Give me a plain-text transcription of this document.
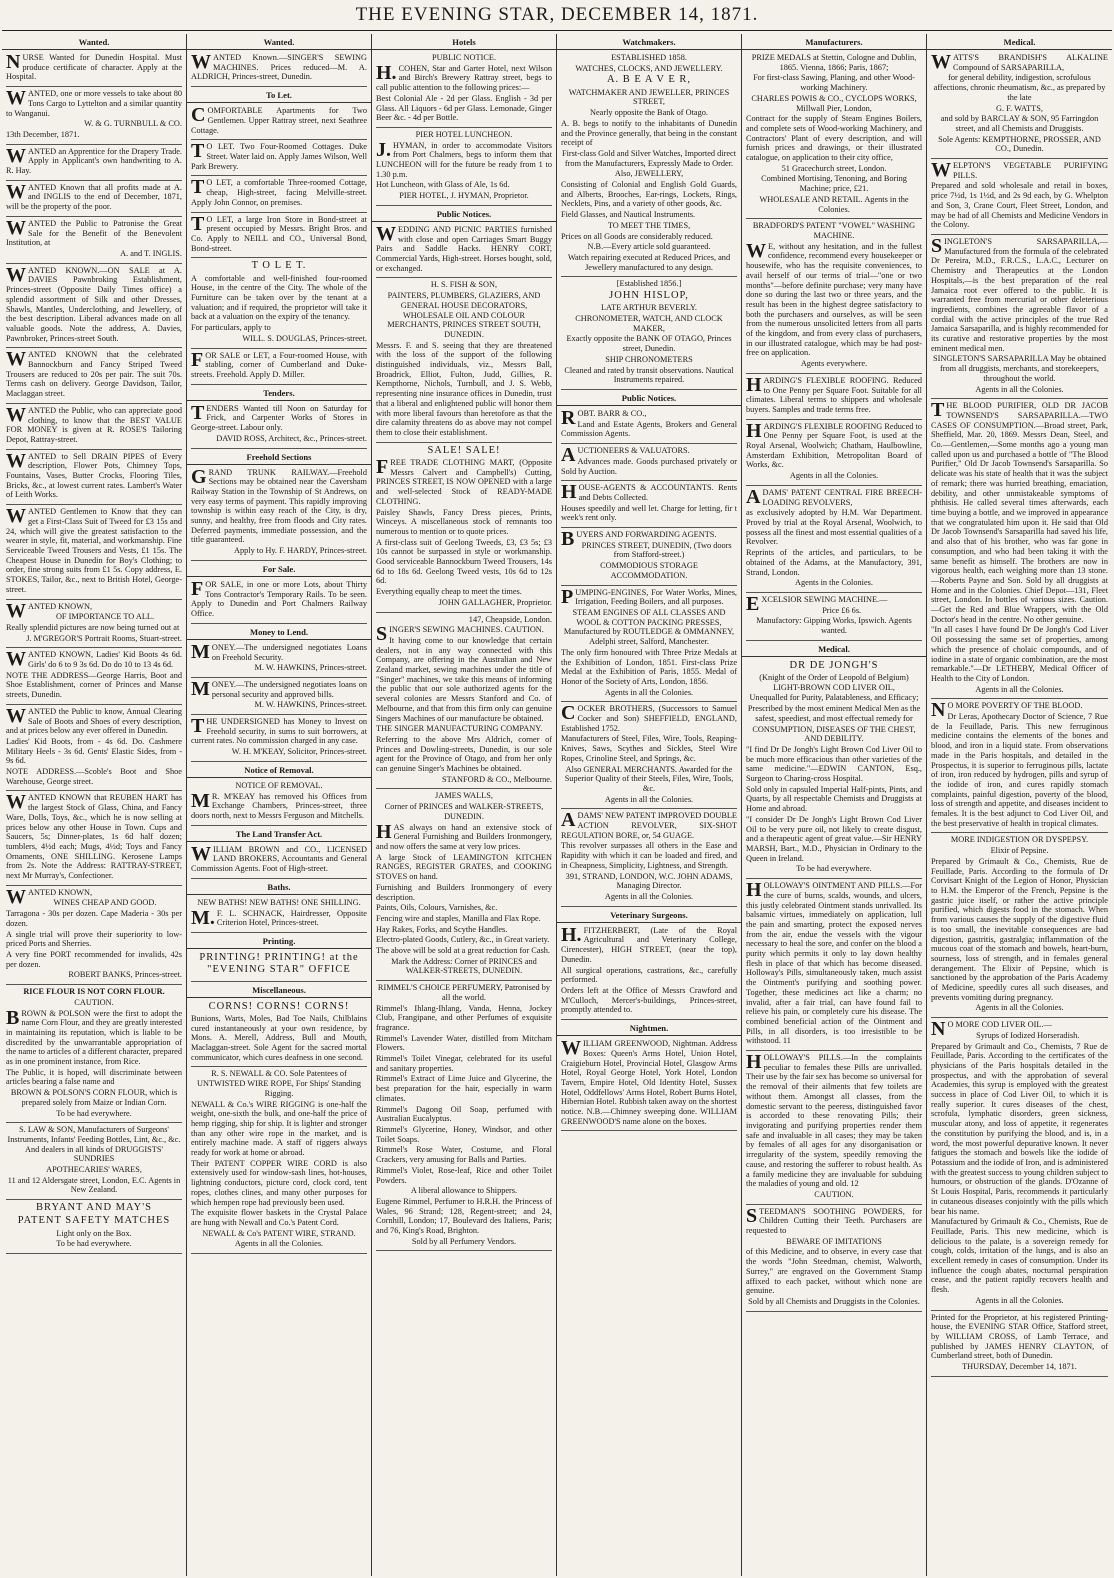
THE EVENING STAR, DECEMBER 14, 1871.
Wanted.

NURSE Wanted for Dunedin Hospital. Must produce certificate of character. Apply at the Hospital.

WANTED, one or more vessels to take about 80 Tons Cargo to Lyttelton and a similar quantity to Wanganui.

W. & G. TURNBULL & CO.

13th December, 1871.

WANTED an Apprentice for the Drapery Trade. Apply in Applicant's own handwriting to A. R. Hay.

WANTED Known that all profits made at A. and INGLIS to the end of December, 1871, will be the property of the poor.

WANTED the Public to Patronise the Great Sale for the Benefit of the Benevolent Institution, at

A. and T. INGLIS.

WANTED KNOWN.—ON SALE at A. DAVIES Pawnbroking Establishment, Princes-street (Opposite Daily Times office) a splendid assortment of Silk and other Dresses, Shawls, Mantles, Underclothing, and Jewellery, of the best description. Liberal advances made on all valuable goods. Note the address, A. Davies, Pawnbroker, Princes-street South.

WANTED KNOWN that the celebrated Bannockburn and Fancy Striped Tweed Trousers are reduced to 20s per pair. The suit 70s. Terms cash on delivery. George Davidson, Tailor, Maclaggan street.

WANTED the Public, who can appreciate good clothing, to know that the BEST VALUE FOR MONEY is given at R. ROSE'S Tailoring Depot, Rattray-street.

WANTED to Sell DRAIN PIPES of Every description, Flower Pots, Chimney Tops, Fountains, Vases, Butter Crocks, Flooring Tiles, Bricks, &c., at lowest current rates. Lambert's Water of Leith Works.

WANTED Gentlemen to Know that they can get a First-Class Suit of Tweed for £3 15s and 24, which will give the greatest satisfaction to the wearer in style, fit, material, and workmanship. Fine Serviceable Tweed Trousers and Vests, £1 15s. The Cheapest House in Dunedin for Boy's Clothing; to order, fine strong suits from £1 5s. Copy address, E. STOKES, Tailor, &c., next to British Hotel, George-street.

WANTED KNOWN,

OF IMPORTANCE TO ALL.

Really splendid pictures are now being turned out at

J. M'GREGOR'S Portrait Rooms, Stuart-street.

WANTED KNOWN, Ladies' Kid Boots 4s 6d. Girls' do 6 to 9 3s 6d. Do do 10 to 13 4s 6d.

NOTE THE ADDRESS—George Harris, Boot and Shoe Establishment, corner of Princes and Manse streets, Dunedin.

WANTED the Public to know, Annual Clearing Sale of Boots and Shoes of every description, and at prices below any ever offered in Dunedin.

Ladies' Kid Boots, from - 4s 6d. Do. Cashmere Military Heels - 3s 6d. Gents' Elastic Sides, from - 9s 6d.

NOTE ADDRESS.—Scoble's Boot and Shoe Warehouse, George street.

WANTED KNOWN that REUBEN HART has the largest Stock of Glass, China, and Fancy Ware, Dolls, Toys, &c., which he is now selling at prices below any other House in Town. Cups and Saucers, 5s; Dinner-plates, 1s 6d half dozen; tumblers, 4½d each; Mugs, 4½d; Toys and Fancy Ornaments, ONE SHILLING. Kerosene Lamps from 2s. Note the Address: RATTRAY-STREET, next Mr Murray's, Confectioner.

WANTED KNOWN,

WINES CHEAP AND GOOD.

Tarragona - 30s per dozen. Cape Maderia - 30s per dozen.

A single trial will prove their superiority to low-priced Ports and Sherries.

A very fine PORT recommended for invalids, 42s per dozen.

ROBERT BANKS, Princes-street.

RICE FLOUR IS NOT CORN FLOUR.

CAUTION.

BROWN & POLSON were the first to adopt the name Corn Flour, and they are greatly interested in maintaining its reputation, which is liable to be discredited by the unwarrantable appropriation of the name to articles of a different character, prepared as in one prominent instance, from Rice.

The Public, it is hoped, will discriminate between articles bearing a false name and

BROWN & POLSON'S CORN FLOUR, which is prepared solely from Maize or Indian Corn.

To be had everywhere.

S. LAW & SON, Manufacturers of Surgeons' Instruments, Infants' Feeding Bottles, Lint, &c., &c. And dealers in all kinds of DRUGGISTS' SUNDRIES

APOTHECARIES' WARES,

11 and 12 Aldersgate street, London, E.C. Agents in New Zealand.

BRYANT AND MAY'S

PATENT SAFETY MATCHES

Light only on the Box.

To be had everywhere.

Wanted.

WANTED Known.—SINGER'S SEWING MACHINES. Prices reduced—M. A. ALDRICH, Princes-street, Dunedin.

To Let.

COMFORTABLE Apartments for Two Gentlemen. Upper Rattray street, next Seathree Cottage.

TO LET. Two Four-Roomed Cottages. Duke Street. Water laid on. Apply James Wilson, Well Park Brewery.

TO LET, a comfortable Three-roomed Cottage, cheap, High-street, facing Melville-street. Apply John Connor, on premises.

TO LET, a large Iron Store in Bond-street at present occupied by Messrs. Bright Bros. and Co. Apply to NEILL and CO., Universal Bond, Bond-street.

T O L E T.

A comfortable and well-finished four-roomed House, in the centre of the City. The whole of the Furniture can be taken over by the tenant at a valuation; and if required, the proprietor will take it back at a valuation on the expiry of the tenancy.

For particulars, apply to

WILL. S. DOUGLAS, Princes-street.

FOR SALE or LET, a Four-roomed House, with stabling, corner of Cumberland and Duke-streets. Freehold. Apply D. Miller.

Tenders.

TENDERS Wanted till Noon on Saturday for Frick, and Carpenter Works of Stores in George-street. Labour only.

DAVID ROSS, Architect, &c., Princes-street.

Freehold Sections

GRAND TRUNK RAILWAY.—Freehold Sections may be obtained near the Caversham Railway Station in the Township of St Andrews, on very easy terms of payment. This rapidly improving township is within easy reach of the City, is dry, sunny, and healthy, free from floods and City rates. Deferred payments, immediate possession, and the title guaranteed.

Apply to Hy. F. HARDY, Princes-street.

For Sale.

FOR SALE, in one or more Lots, about Thirty Tons Contractor's Temporary Rails. To be seen. Apply to Dunedin and Port Chalmers Railway Office.

Money to Lend.

MONEY.—The undersigned negotiates Loans on Freehold Security.

M. W. HAWKINS, Princes-street.

MONEY.—The undersigned negotiates loans on personal security and approved bills.

M. W. HAWKINS, Princes-street.

THE UNDERSIGNED has Money to Invest on Freehold security, in sums to suit borrowers, at current rates. No commission charged in any case.

W. H. M'KEAY, Solicitor, Princes-street.

Notice of Removal.

NOTICE OF REMOVAL.

MR. M'KEAY has removed his Offices from Exchange Chambers, Princes-street, three doors north, next to Messrs Ferguson and Mitchells.

The Land Transfer Act.

WILLIAM BROWN and CO., LICENSED LAND BROKERS, Accountants and General Commission Agents. Foot of High-street.

Baths.

NEW BATHS! NEW BATHS! ONE SHILLING.

M.F. L. SCHNACK, Hairdresser, Opposite Criterion Hotel, Princes-street.

Printing.

PRINTING! PRINTING! at the "EVENING STAR" OFFICE

Miscellaneous.

CORNS! CORNS! CORNS!

Bunions, Warts, Moles, Bad Toe Nails, Chilblains cured instantaneously at your own residence, by Mons. A. Merell, Address, Bull and Mouth, Maclaggan-street. Sole Agent for the sacred mortal communicator, which cures deafness in one second.

R. S. NEWALL & CO. Sole Patentees of UNTWISTED WIRE ROPE, For Ships' Standing Rigging.

NEWALL & Co.'s WIRE RIGGING is one-half the weight, one-sixth the bulk, and one-half the price of hemp rigging, ship for ship. It is lighter and stronger than any other wire rope in the market, and is entirely machine made. A staff of riggers always ready for work at home or abroad.

Their PATENT COPPER WIRE CORD is also extensively used for window-sash lines, hot-houses, lightning conductors, picture cord, clock cord, tent ropes, clothes clines, and many other purposes for which hempen rope had previously been used.

The exquisite flower baskets in the Crystal Palace are hung with Newall and Co.'s Patent Cord.

NEWALL & Co's PATENT WIRE, STRAND.

Agents in all the Colonies.

Hotels

PUBLIC NOTICE.

H.COHEN, Star and Garter Hotel, next Wilson and Birch's Brewery Rattray street, begs to call public attention to the following prices:—

Best Colonial Ale - 2d per Glass. English - 3d per Glass. All Liquors - 6d per Glass. Lemonade, Ginger Beer &c. - 4d per Bottle.

PIER HOTEL LUNCHEON.

J.HYMAN, in order to accommodate Visitors from Port Chalmers, begs to inform them that LUNCHEON will for the future be ready from 1 to 1.30 p.m.

Hot Luncheon, with Glass of Ale, 1s 6d.

PIER HOTEL, J. HYMAN, Proprietor.

Public Notices.

WEDDING AND PICNIC PARTIES furnished with close and open Carriages Smart Buggy Pairs and Saddle Hacks. HENRY CORT, Commercial Yards, High-street. Horses bought, sold, or exchanged.

H. S. FISH & SON,

PAINTERS, PLUMBERS, GLAZIERS, AND GENERAL HOUSE DECORATORS, WHOLESALE OIL AND COLOUR MERCHANTS, PRINCES STREET SOUTH, DUNEDIN.

Messrs. F. and S. seeing that they are threatened with the loss of the support of the following distinguished individuals, viz., Messrs Ball, Broadrick, Elliot, Fulton, Judd, Gillies, R. Kempthorne, Nichols, Turnbull, and J. S. Webb, representing nine insurance offices in Dunedin, trust that a liberal and enlightened public will honor them with more liberal favours than heretofore as that the dire calamity threatens do as above may not compel them to close their establishment.

SALE! SALE!

FREE TRADE CLOTHING MART, (Opposite Messrs Calvert and Campbell's) Cutting, PRINCES STREET, IS NOW OPENED with a large and well-selected Stock of READY-MADE CLOTHING.

Paisley Shawls, Fancy Dress pieces, Prints, Winceys. A miscellaneous stock of remnants too numerous to mention or to quote prices.

A first-class suit of Geelong Tweeds, £3, £3 5s; £3 10s cannot be surpassed in style or workmanship. Good serviceable Bannockburn Tweed Trousers, 14s 6d to 18s 6d. Geelong Tweed vests, 10s 6d to 12s 6d.

Everything equally cheap to meet the times.

JOHN GALLAGHER, Proprietor.

147, Cheapside, London.

SINGER'S SEWING MACHINES. CAUTION.

It having come to our knowledge that certain dealers, not in any way connected with this Company, are offering in the Australian and New Zealand market, sewing machines under the title of "Singer" machines, we take this means of informing the public that our sole authorized agents for the several colonies are Messrs Stanford and Co. of Melbourne, and that from this firm only can genuine Singers Machines of our manufacture be obtained.

THE SINGER MANUFACTURING COMPANY.

Referring to the above Mrs Aldrich, corner of Princes and Dowling-streets, Dunedin, is our sole agent for the Province of Otago, and from her only can genuine Singer's Machines be obtained.

STANFORD & CO., Melbourne.

JAMES WALLS,

Corner of PRINCES and WALKER-STREETS, DUNEDIN.

HAS always on hand an extensive stock of General Furnishing and Builders Ironmongery, and now offers the same at very low prices.

A large Stock of LEAMINGTON KITCHEN RANGES, REGISTER GRATES, and COOKING STOVES on hand.

Furnishing and Builders Ironmongery of every description.

Paints, Oils, Colours, Varnishes, &c.

Fencing wire and staples, Manilla and Flax Rope.

Hay Rakes, Forks, and Scythe Handles.

Electro-plated Goods, Cutlery, &c., in Great variety.

The above will be sold at a great reduction for Cash.

Mark the Address: Corner of PRINCES and WALKER-STREETS, DUNEDIN.

RIMMEL'S CHOICE PERFUMERY, Patronised by all the world.

Rimmel's Ihlang-Ihlang, Vanda, Henna, Jockey Club, Frangipane, and other Perfumes of exquisite fragrance.

Rimmel's Lavender Water, distilled from Mitcham Flowers.

Rimmel's Toilet Vinegar, celebrated for its useful and sanitary properties.

Rimmel's Extract of Lime Juice and Glycerine, the best preparation for the hair, especially in warm climates.

Rimmel's Dagong Oil Soap, perfumed with Australian Eucalyptus.

Rimmel's Glycerine, Honey, Windsor, and other Toilet Soaps.

Rimmel's Rose Water, Costume, and Floral Crackers, very amusing for Balls and Parties.

Rimmel's Violet, Rose-leaf, Rice and other Toilet Powders.

A liberal allowance to Shippers.

Eugene Rimmel, Perfumer to H.R.H. the Princess of Wales, 96 Strand; 128, Regent-street; and 24, Cornhill, London; 17, Boulevard des Italiens, Paris; and 76, King's Road, Brighton.

Sold by all Perfumery Vendors.

Watchmakers.

ESTABLISHED 1858.

WATCHES, CLOCKS, AND JEWELLERY.

A. B E A V E R,

WATCHMAKER AND JEWELLER, PRINCES STREET,

Nearly opposite the Bank of Otago.

A. B. begs to notify to the inhabitants of Dunedin and the Province generally, that being in the constant receipt of

First-class Gold and Silver Watches, Imported direct from the Manufacturers, Expressly Made to Order.

Also, JEWELLERY,

Consisting of Colonial and English Gold Guards, and Alberts, Brooches, Ear-rings, Lockets, Rings, Necklets, Pins, and a variety of other goods, &c.

Field Glasses, and Nautical Instruments.

TO MEET THE TIMES,

Prices on all Goods are considerably reduced.

N.B.—Every article sold guaranteed.

Watch repairing executed at Reduced Prices, and Jewellery manufactured to any design.

[Established 1856.]

JOHN HISLOP,

LATE ARTHUR BEVERLY.

CHRONOMETER, WATCH, AND CLOCK MAKER,

Exactly opposite the BANK OF OTAGO, Princes street, Dunedin.

SHIP CHRONOMETERS

Cleaned and rated by transit observations. Nautical Instruments repaired.

Public Notices.

ROBT. BARR & CO.,

Land and Estate Agents, Brokers and General Commission Agents.

AUCTIONEERS & VALUATORS.

Advances made. Goods purchased privately or Sold by Auction.

HOUSE-AGENTS & ACCOUNTANTS. Rents and Debts Collected.

Houses speedily and well let. Charge for letting, fir t week's rent only.

BUYERS AND FORWARDING AGENTS.

PRINCES STREET, DUNEDIN, (Two doors from Stafford-street.)

COMMODIOUS STORAGE ACCOMMODATION.

PUMPING-ENGINES, For Water Works, Mines, Irrigation, Feeding Boilers, and all purposes.

STEAM ENGINES OF ALL CLASSES AND WOOL & COTTON PACKING PRESSES, Manufactured by ROUTLEDGE & OMMANNEY, Adelphi street, Salford, Manchester.

The only firm honoured with Three Prize Medals at the Exhibition of London, 1851. First-class Prize Medal at the Exhibition of Paris, 1855. Medal of Honor of the Society of Arts, London, 1856.

Agents in all the Colonies.

COCKER BROTHERS, (Successors to Samuel Cocker and Son) SHEFFIELD, ENGLAND, Established 1752.

Manufacturers of Steel, Files, Wire, Tools, Reaping-Knives, Saws, Scythes and Sickles, Steel Wire Ropes, Crinoline Steel, and Springs, &c.

Also GENERAL MERCHANTS. Awarded for the Superior Quality of their Steels, Files, Wire, Tools, &c.

Agents in all the Colonies.

ADAMS' NEW PATENT IMPROVED DOUBLE ACTION REVOLVER, SIX-SHOT REGULATION BORE, or, 54 GUAGE.

This revolver surpasses all others in the Ease and Rapidity with which it can be loaded and fired, and in Cheapness, Simplicity, Lightness, and Strength.

391, STRAND, LONDON, W.C. JOHN ADAMS, Managing Director.

Agents in all the Colonies.

Veterinary Surgeons.

H.FITZHERBERT, (Late of the Royal Agricultural and Veterinary College, Cirencester), HIGH STREET, (near the top), Dunedin.

All surgical operations, castrations, &c., carefully performed.

Orders left at the Office of Messrs Crawford and M'Culloch, Mercer's-buildings, Princes-street, promptly attended to.

Nightmen.

WILLIAM GREENWOOD, Nightman. Address Boxes: Queen's Arms Hotel, Union Hotel, Craigieburn Hotel, Provincial Hotel, Glasgow Arms Hotel, Royal George Hotel, York Hotel, London Tavern, Empire Hotel, Old Identity Hotel, Sussex Hotel, Oddfellows' Arms Hotel, Robert Burns Hotel, Hibernian Hotel. Rubbish taken away on the shortest notice. N.B.—Chimney sweeping done. WILLIAM GREENWOOD'S name alone on the boxes.

Manufacturers.

PRIZE MEDALS at Stettin, Cologne and Dublin, 1865. Vienna, 1866; Paris, 1867;

For first-class Sawing, Planing, and other Wood-working Machinery.

CHARLES POWIS & CO., CYCLOPS WORKS, Millwall Pier, London,

Contract for the supply of Steam Engines Boilers, and complete sets of Wood-working Machinery, and Contractors' Plant of every description, and will furnish prices and drawings, or their illustrated catalogue, on application to their city office,

51 Gracechurch street, London.

Combined Mortising, Tenoning, and Boring Machine; price, £21.

WHOLESALE AND RETAIL. Agents in the Colonies.

BRADFORD'S PATENT "VOWEL" WASHING MACHINE.

WE, without any hesitation, and in the fullest confidence, recommend every housekeeper or housewife, who has the requisite conveniences, to avail herself of our terms of trial—"one or two months"—before definite purchase; very many have done so during the last two or three years, and the result has been in the highest degree satisfactory to both the purchasers and ourselves, as will be seen from the numerous unsolicited letters from all parts of the kingdom, and from every class of purchasers, in our illustrated catalogue, which may be had post-free on application.

Agents everywhere.

HARDING'S FLEXIBLE ROOFING. Reduced to One Penny per Square Foot. Suitable for all climates. Liberal terms to shippers and wholesale buyers. Samples and trade terms free.

HARDING'S FLEXIBLE ROOFING Reduced to One Penny per Square Foot, is used at the Royal Arsenal, Woolwich; Chatham, Haulbowline, Amsterdam Exhibition, Metropolitan Board of Works, &c.

Agents in all the Colonies.

ADAMS' PATENT CENTRAL FIRE BREECH-LOADING REVOLVERS,

as exclusively adopted by H.M. War Department. Proved by trial at the Royal Arsenal, Woolwich, to possess all the finest and most essential qualities of a Revolver.

Reprints of the articles, and particulars, to be obtained of the Adams, at the Manufactory, 391, Strand, London.

Agents in the Colonies.

EXCELSIOR SEWING MACHINE.—

Price £6 6s.

Manufactory: Gipping Works, Ipswich. Agents wanted.

Medical.

DR DE JONGH'S

(Knight of the Order of Leopold of Belgium) LIGHT-BROWN COD LIVER OIL,

Unequalled for Purity, Palatableness, and Efficacy;

Prescribed by the most eminent Medical Men as the safest, speediest, and most effectual remedy for

CONSUMPTION, DISEASES OF THE CHEST, AND DEBILITY.

"I find Dr De Jongh's Light Brown Cod Liver Oil to be much more efficacious than other varieties of the same medicine."—EDWIN CANTON, Esq., Surgeon to Charing-cross Hospital.

Sold only in capsuled Imperial Half-pints, Pints, and Quarts, by all respectable Chemists and Druggists at Home and abroad.

"I consider Dr De Jongh's Light Brown Cod Liver Oil to be very pure oil, not likely to create disgust, and a therapeutic agent of great value.—Sir HENRY MARSH, Bart., M.D., Physician in Ordinary to the Queen in Ireland.

To be had everywhere.

HOLLOWAY'S OINTMENT AND PILLS.—For the cure of burns, scalds, wounds, and ulcers, this justly celebrated Ointment stands unrivalled. Its balsamic virtues, immediately on application, lull the pain and smarting, protect the exposed nerves from the air, endue the vessels with the vigour necessary to heal the sore, and confer on the blood a purity which permits it only to lay down healthy flesh in place of that which has become diseased. Holloway's Pills, simultaneously taken, much assist the Ointment's purifying and soothing power. Together, these medicines act like a charm; no invalid, after a fair trial, can have found fail to relieve his pain, or completely cure his disease. The combined beneficial action of the Ointment and Pills, in all disorders, is too irresistible to be withstood. 11

HOLLOWAY'S PILLS.—In the complaints peculiar to females these Pills are unrivalled. Their use by the fair sex has become so universal for the removal of their ailments that few toilets are without them. Amongst all classes, from the domestic servant to the peeress, distinguished favor is accorded to these renovating Pills; their invigorating and purifying properties render them safe and invaluable in all cases; they may be taken by females of all ages for any disorganisation or irregularity of the system, speedily removing the cause, and restoring the sufferer to robust health. As a family medicine they are invaluable for subduing the maladies of young and old. 12

CAUTION.

STEEDMAN'S SOOTHING POWDERS, for Children Cutting their Teeth. Purchasers are requested to

BEWARE OF IMITATIONS

of this Medicine, and to observe, in every case that the words "John Steedman, chemist, Walworth, Surrey," are engraved on the Government Stamp affixed to each packet, without which none are genuine.

Sold by all Chemists and Druggists in the Colonies.

Medical.

WATTS'S BRANDISH'S ALKALINE Compound of SARSAPARILLA,

for general debility, indigestion, scrofulous affections, chronic rheumatism, &c., as prepared by the late

G. F. WATTS,

and sold by BARCLAY & SON, 95 Farringdon street, and all Chemists and Druggists.

Sole Agents: KEMPTHORNE, PROSSER, AND CO., Dunedin.

WELPTON'S VEGETABLE PURIFYING PILLS.

Prepared and sold wholesale and retail in boxes, price 7½d, 1s 1½d, and 2s 9d each, by G. Whelpton and Son, 3, Crane Court, Fleet Street, London, and may be had of all Chemists and Medicine Vendors in the Colony.

SINGLETON'S SARSAPARILLA,—Manufactured from the formula of the celebrated Dr Pereira, M.D., F.R.C.S., L.A.C., Lecturer on Chemistry and Therapeutics at the London Hospitals,—is the best preparation of the real Jamaica root ever offered to the public. It is warranted free from mercurial or other deleterious ingredients, combines the agreeable flavor of a cordial with the active principles of the true Red Jamaica Sarsaparilla, and is highly recommended for its curative and restorative properties by the most eminent medical men.

SINGLETON'S SARSAPARILLA May be obtained from all druggists, merchants, and storekeepers, throughout the world.

Agents in all the Colonies.

THE BLOOD PURIFIER, OLD DR JACOB TOWNSEND'S SARSAPARILLA.—TWO CASES OF CONSUMPTION.—Broad street, Park, Sheffield, Mar. 20, 1869. Messrs Dean, Steel, and Co.—Gentlemen,—Some months ago a young man called upon us and purchased a bottle of "The Blood Purifier," Old Dr Jacob Townsend's Sarsaparilla. So delicate was his state of health that it was the subject of remark; there was hurried breathing, emaciation, debility, and other unmistakeable symptoms of phthisis. He called several times afterwards, each time buying a bottle, and we improved in appearance that we congratulated him upon it. He said that Old Dr Jacob Townsend's Sarsaparilla had saved his life, and also that of his brother, who was far gone in consumption, and who had been taking it with the same benefit as himself. The brothers are now in vigorous health, each weighing more than 13 stone.—Roberts Payne and Son. Sold by all druggists at Home and in the Colonies. Chief Depot—131, Fleet street, London. In bottles of various sizes. Caution.—Get the Red and Blue Wrappers, with the Old Doctor's head in the centre. No other genuine.

"In all cases I have found Dr De Jongh's Cod Liver Oil possessing the same set of properties, among which the presence of cholaic compounds, and of iodine in a state of organic combination, are the most remarkable."—Dr LETHEBY, Medical Officer of Health to the City of London.

Agents in all the Colonies.

NO MORE POVERTY OF THE BLOOD.

Dr Leras, Apothecary Doctor of Science, 7 Rue de la Feuillade, Paris. This new ferruginous medicine contains the elements of the bones and blood, and iron in a liquid state. From observations made in the Paris hospitals, and detailed in the Prospectus, it is superior to ferruginous pills, lactate of iron, iron reduced by hydrogen, pills and syrup of the iodide of iron, and cures rapidly stomach complaints, painful digestion, poverty of the blood, loss of strength and appetite, and diseases incident to females. It is the best adjunct to Cod Liver Oil, and the best preservative of health in tropical climates.

MORE INDIGESTION OR DYSPEPSY.

Elixir of Pepsine.

Prepared by Grimault & Co., Chemists, Rue de Feuillade, Paris. According to the formula of Dr Corvisart Knight of the Legion of Honor, Physician to H.M. the Emperor of the French, Pepsine is the gastric juice itself, or rather the active principle purified, which digests food in the stomach. When from various causes the supply of the digestive fluid is too small, the inevitable consequences are bad digestion, gastritis, gastralgia; inflammation of the mucous coat of the stomach and bowels, heart-burn, sourness, loss of strength, and in females general derangement. The Elixir of Pepsine, which is sanctioned by the approbation of the Paris Academy of Medicine, speedily cures all such diseases, and prevents vomiting during pregnancy.

Agents in all the Colonies.

NO MORE COD LIVER OIL.—

Syrups of Iodized Horseradish.

Prepared by Grimault and Co., Chemists, 7 Rue de Feuillade, Paris. According to the certificates of the physicians of the Paris hospitals detailed in the prospectus, and with the approbation of several Academies, this syrup is employed with the greatest success in place of Cod Liver Oil, to which it is really superior. It cures diseases of the chest, scrofula, lymphatic disorders, green sickness, muscular atony, and loss of appetite, it regenerates the constitution by purifying the blood, and is, in a word, the most powerful depurative known. It never fatigues the stomach and bowels like the iodide of Potassium and the iodide of Iron, and is administered with the greatest success to young children subject to humours, or obstruction of the glands. D'Ozanne of St Louis Hospital, Paris, recommends it particularly in cutaneous diseases conjointly with the pills which bear his name.

Manufactured by Grimault & Co., Chemists, Rue de Feuillade, Paris. This new medicine, which is delicious to the palate, is a sovereign remedy for cough, colds, irritation of the lungs, and is also an excellent remedy in cases of consumption. Under its influence the cough abates, nocturnal perspiration cease, and the patient rapidly recovers health and flesh.

Agents in all the Colonies.

Printed for the Proprietor, at his registered Printing-house, the EVENING STAR Office, Stafford street, by WILLIAM CROSS, of Lamb Terrace, and published by JAMES HENRY CLAYTON, of Cumberland street, both of Dunedin.

THURSDAY, December 14, 1871.
